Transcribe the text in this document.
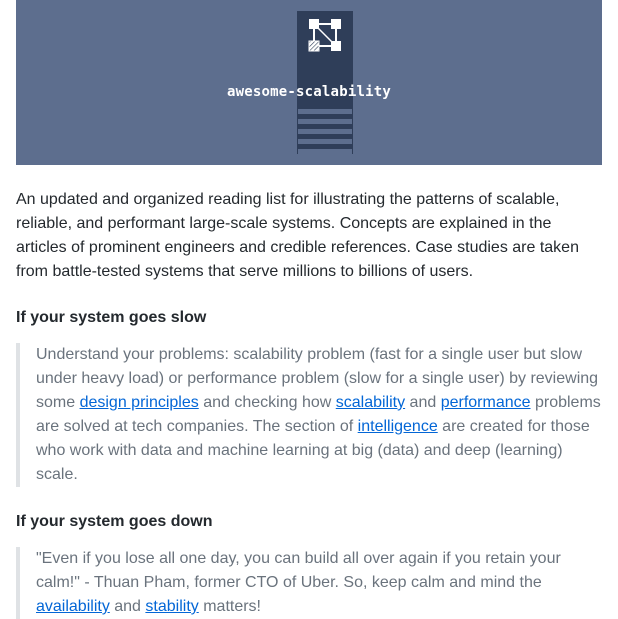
awesome-scalability

An updated and organized reading list for illustrating the patterns of scalable, reliable, and performant large-scale systems. Concepts are explained in the articles of prominent engineers and credible references. Case studies are taken from battle-tested systems that serve millions to billions of users.

If your system goes slow

Understand your problems: scalability problem (fast for a single user but slow under heavy load) or performance problem (slow for a single user) by reviewing some design principles and checking how scalability and performance problems are solved at tech companies. The section of intelligence are created for those who work with data and machine learning at big (data) and deep (learning) scale.

If your system goes down

"Even if you lose all one day, you can build all over again if you retain your calm!" - Thuan Pham, former CTO of Uber. So, keep calm and mind the availability and stability matters!
